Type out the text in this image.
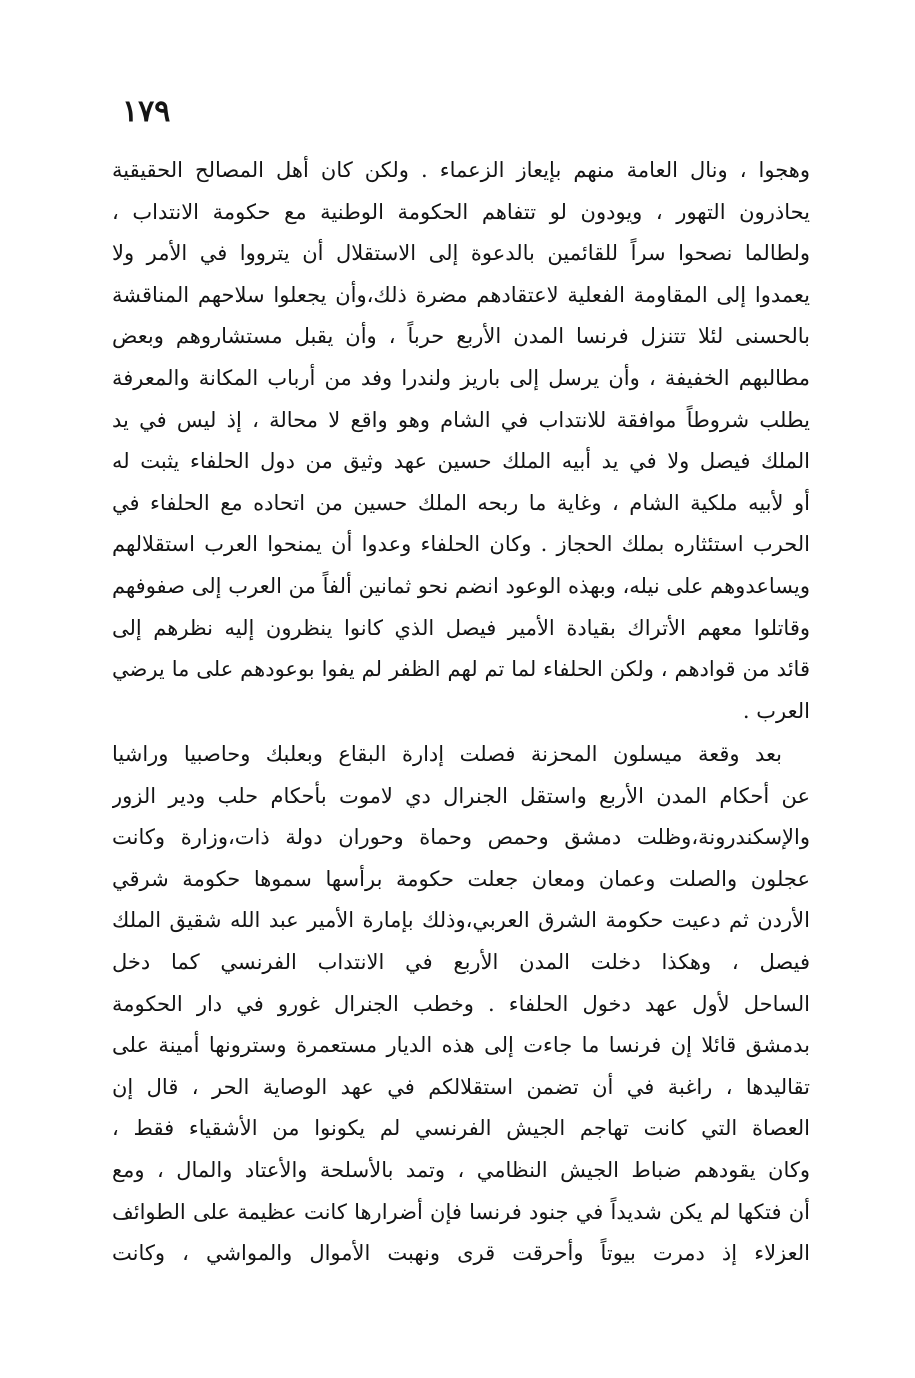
١٧٩
وهجوا ، ونال العامة منهم بإيعاز الزعماء . ولكن كان أهل المصالح الحقيقية
يحاذرون التهور ، ويودون لو تتفاهم الحكومة الوطنية مع حكومة الانتداب ،
ولطالما نصحوا سراً للقائمين بالدعوة إلى الاستقلال أن يترووا في الأمر ولا
يعمدوا إلى المقاومة الفعلية لاعتقادهم مضرة ذلك،وأن يجعلوا سلاحهم المناقشة
بالحسنى لئلا تتنزل فرنسا المدن الأربع حرباً ، وأن يقبل مستشاروهم وبعض
مطالبهم الخفيفة ، وأن يرسل إلى باريز ولندرا وفد من أرباب المكانة والمعرفة
يطلب شروطاً موافقة للانتداب في الشام وهو واقع لا محالة ، إذ ليس في يد
الملك فيصل ولا في يد أبيه الملك حسين عهد وثيق من دول الحلفاء يثبت له
أو لأبيه ملكية الشام ، وغاية ما ربحه الملك حسين من اتحاده مع الحلفاء في
الحرب استئثاره بملك الحجاز . وكان الحلفاء وعدوا أن يمنحوا العرب استقلالهم
ويساعدوهم على نيله، وبهذه الوعود انضم نحو ثمانين ألفاً من العرب إلى صفوفهم
وقاتلوا معهم الأتراك بقيادة الأمير فيصل الذي كانوا ينظرون إليه نظرهم إلى
قائد من قوادهم ، ولكن الحلفاء لما تم لهم الظفر لم يفوا بوعودهم على ما يرضي
العرب .
بعد وقعة ميسلون المحزنة فصلت إدارة البقاع وبعلبك وحاصبيا وراشيا
عن أحكام المدن الأربع واستقل الجنرال دي لاموت بأحكام حلب ودير الزور
والإسكندرونة،وظلت دمشق وحمص وحماة وحوران دولة ذات،وزارة وكانت
عجلون والصلت وعمان ومعان جعلت حكومة برأسها سموها حكومة شرقي
الأردن ثم دعيت حكومة الشرق العربي،وذلك بإمارة الأمير عبد الله شقيق الملك
فيصل ، وهكذا دخلت المدن الأربع في الانتداب الفرنسي كما دخل
الساحل لأول عهد دخول الحلفاء . وخطب الجنرال غورو في دار الحكومة
بدمشق قائلا إن فرنسا ما جاءت إلى هذه الديار مستعمرة وسترونها أمينة على
تقاليدها ، راغبة في أن تضمن استقلالكم في عهد الوصاية الحر ، قال إن
العصاة التي كانت تهاجم الجيش الفرنسي لم يكونوا من الأشقياء فقط ،
وكان يقودهم ضباط الجيش النظامي ، وتمد بالأسلحة والأعتاد والمال ، ومع
أن فتكها لم يكن شديداً في جنود فرنسا فإن أضرارها كانت عظيمة على الطوائف
العزلاء إذ دمرت بيوتاً وأحرقت قرى ونهبت الأموال والمواشي ، وكانت
